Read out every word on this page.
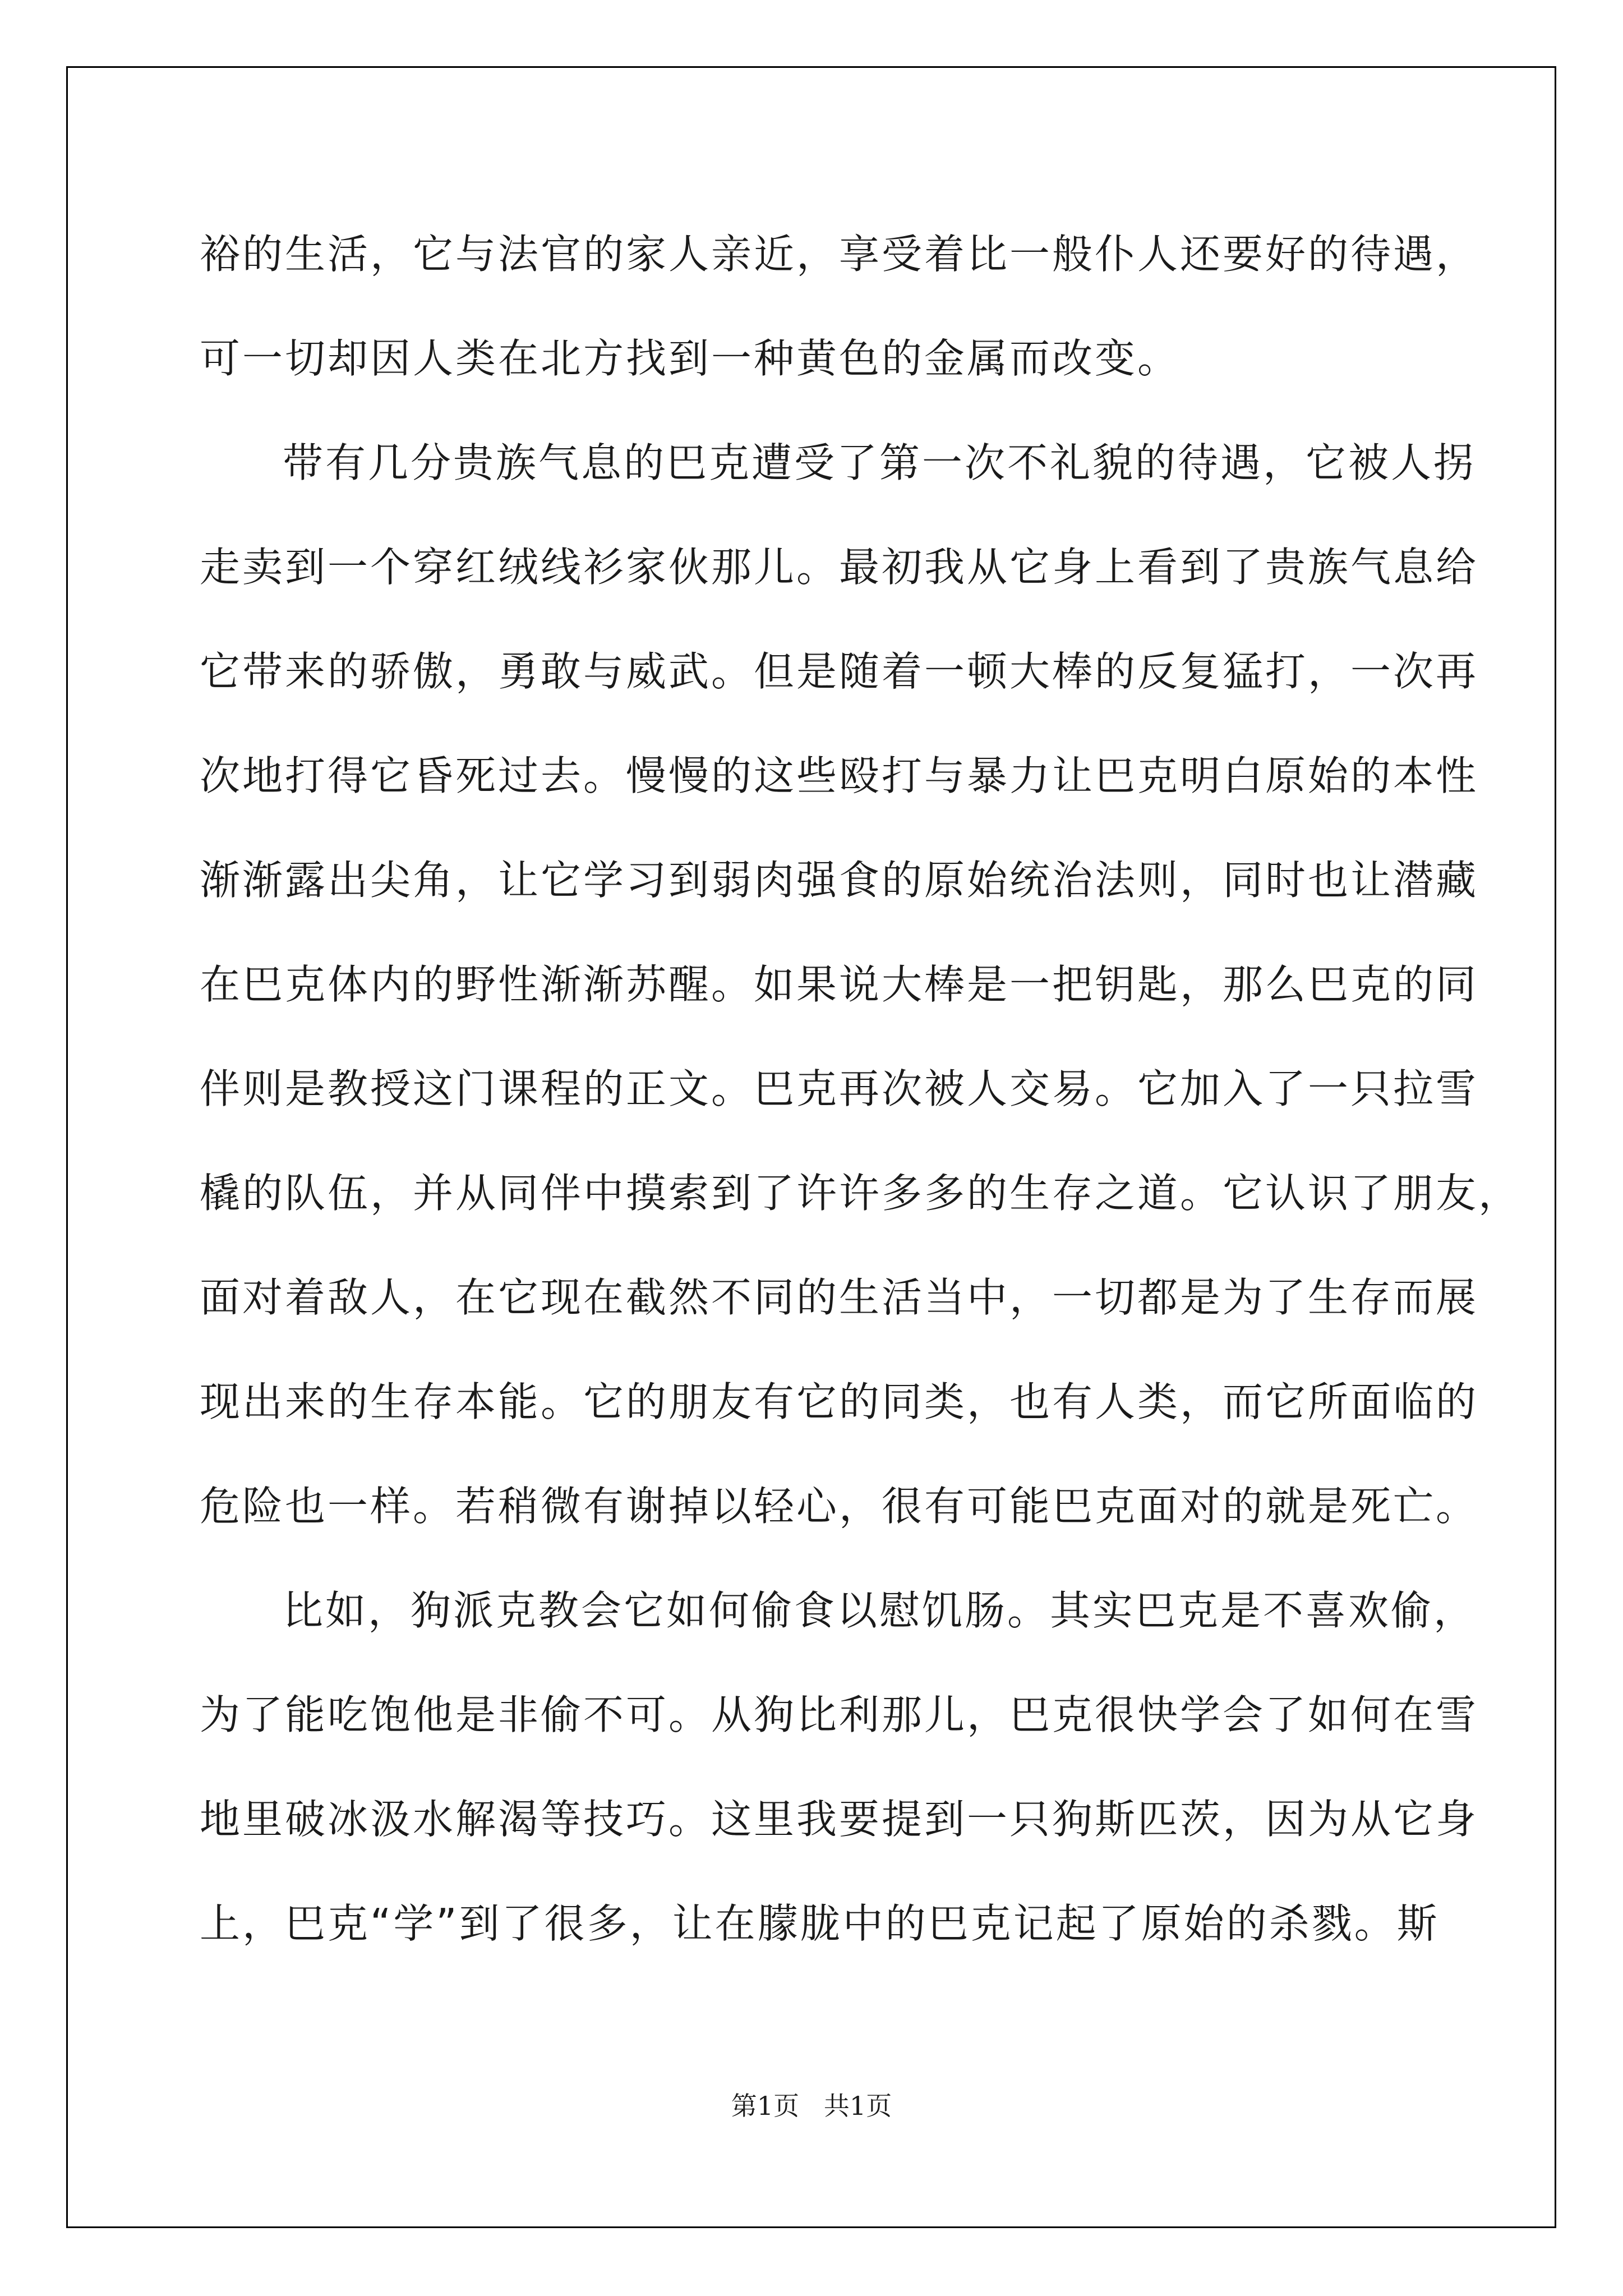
裕的生活，它与法官的家人亲近，享受着比一般仆人还要好的待遇，
可一切却因人类在北方找到一种黄色的金属而改变。
带有几分贵族气息的巴克遭受了第一次不礼貌的待遇，它被人拐
走卖到一个穿红绒线衫家伙那儿。最初我从它身上看到了贵族气息给
它带来的骄傲，勇敢与威武。但是随着一顿大棒的反复猛打，一次再
次地打得它昏死过去。慢慢的这些殴打与暴力让巴克明白原始的本性
渐渐露出尖角，让它学习到弱肉强食的原始统治法则，同时也让潜藏
在巴克体内的野性渐渐苏醒。如果说大棒是一把钥匙，那么巴克的同
伴则是教授这门课程的正文。巴克再次被人交易。它加入了一只拉雪
橇的队伍，并从同伴中摸索到了许许多多的生存之道。它认识了朋友，
面对着敌人，在它现在截然不同的生活当中，一切都是为了生存而展
现出来的生存本能。它的朋友有它的同类，也有人类，而它所面临的
危险也一样。若稍微有谢掉以轻心，很有可能巴克面对的就是死亡。
比如，狗派克教会它如何偷食以慰饥肠。其实巴克是不喜欢偷，
为了能吃饱他是非偷不可。从狗比利那儿，巴克很快学会了如何在雪
地里破冰汲水解渴等技巧。这里我要提到一只狗斯匹茨，因为从它身
上，巴克“学”到了很多，让在朦胧中的巴克记起了原始的杀戮。斯
第1页   共1页
